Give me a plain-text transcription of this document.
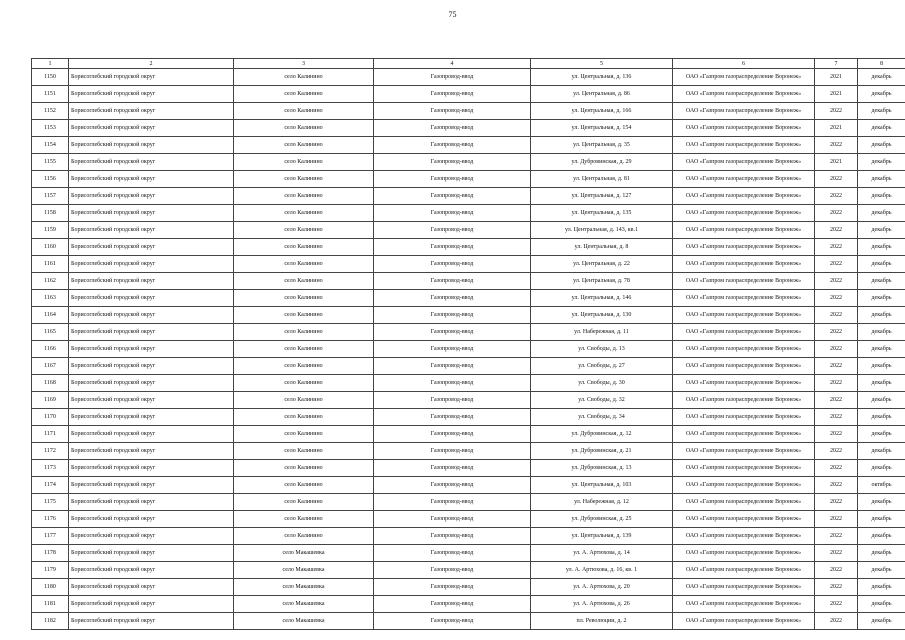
75
1	2	3	4	5	6	7	8
1150	Борисоглебский городской округ	село Калинино	Газопровод-ввод	ул. Центральная, д. 136	ОАО «Газпром газораспределение Воронеж»	2021	декабрь
1151	Борисоглебский городской округ	село Калинино	Газопровод-ввод	ул. Центральная, д. 86	ОАО «Газпром газораспределение Воронеж»	2021	декабрь
1152	Борисоглебский городской округ	село Калинино	Газопровод-ввод	ул. Центральная, д. 166	ОАО «Газпром газораспределение Воронеж»	2022	декабрь
1153	Борисоглебский городской округ	село Калинино	Газопровод-ввод	ул. Центральная, д. 154	ОАО «Газпром газораспределение Воронеж»	2021	декабрь
1154	Борисоглебский городской округ	село Калинино	Газопровод-ввод	ул. Центральная, д. 35	ОАО «Газпром газораспределение Воронеж»	2022	декабрь
1155	Борисоглебский городской округ	село Калинино	Газопровод-ввод	ул. Дубровинская, д. 29	ОАО «Газпром газораспределение Воронеж»	2021	декабрь
1156	Борисоглебский городской округ	село Калинино	Газопровод-ввод	ул. Центральная, д. 81	ОАО «Газпром газораспределение Воронеж»	2022	декабрь
1157	Борисоглебский городской округ	село Калинино	Газопровод-ввод	ул. Центральная, д. 127	ОАО «Газпром газораспределение Воронеж»	2022	декабрь
1158	Борисоглебский городской округ	село Калинино	Газопровод-ввод	ул. Центральная, д. 135	ОАО «Газпром газораспределение Воронеж»	2022	декабрь
1159	Борисоглебский городской округ	село Калинино	Газопровод-ввод	ул. Центральная, д. 143, кв.1	ОАО «Газпром газораспределение Воронеж»	2022	декабрь
1160	Борисоглебский городской округ	село Калинино	Газопровод-ввод	ул. Центральная, д. 8	ОАО «Газпром газораспределение Воронеж»	2022	декабрь
1161	Борисоглебский городской округ	село Калинино	Газопровод-ввод	ул. Центральная, д. 22	ОАО «Газпром газораспределение Воронеж»	2022	декабрь
1162	Борисоглебский городской округ	село Калинино	Газопровод-ввод	ул. Центральная, д. 78	ОАО «Газпром газораспределение Воронеж»	2022	декабрь
1163	Борисоглебский городской округ	село Калинино	Газопровод-ввод	ул. Центральная, д. 146	ОАО «Газпром газораспределение Воронеж»	2022	декабрь
1164	Борисоглебский городской округ	село Калинино	Газопровод-ввод	ул. Центральная, д. 130	ОАО «Газпром газораспределение Воронеж»	2022	декабрь
1165	Борисоглебский городской округ	село Калинино	Газопровод-ввод	ул. Набережная, д. 11	ОАО «Газпром газораспределение Воронеж»	2022	декабрь
1166	Борисоглебский городской округ	село Калинино	Газопровод-ввод	ул. Свободы, д. 13	ОАО «Газпром газораспределение Воронеж»	2022	декабрь
1167	Борисоглебский городской округ	село Калинино	Газопровод-ввод	ул. Свободы, д. 27	ОАО «Газпром газораспределение Воронеж»	2022	декабрь
1168	Борисоглебский городской округ	село Калинино	Газопровод-ввод	ул. Свободы, д. 30	ОАО «Газпром газораспределение Воронеж»	2022	декабрь
1169	Борисоглебский городской округ	село Калинино	Газопровод-ввод	ул. Свободы, д. 32	ОАО «Газпром газораспределение Воронеж»	2022	декабрь
1170	Борисоглебский городской округ	село Калинино	Газопровод-ввод	ул. Свободы, д. 34	ОАО «Газпром газораспределение Воронеж»	2022	декабрь
1171	Борисоглебский городской округ	село Калинино	Газопровод-ввод	ул. Дубровинская, д. 12	ОАО «Газпром газораспределение Воронеж»	2022	декабрь
1172	Борисоглебский городской округ	село Калинино	Газопровод-ввод	ул. Дубровинская, д. 21	ОАО «Газпром газораспределение Воронеж»	2022	декабрь
1173	Борисоглебский городской округ	село Калинино	Газопровод-ввод	ул. Дубровинская, д. 13	ОАО «Газпром газораспределение Воронеж»	2022	декабрь
1174	Борисоглебский городской округ	село Калинино	Газопровод-ввод	ул. Центральная, д. 103	ОАО «Газпром газораспределение Воронеж»	2022	октябрь
1175	Борисоглебский городской округ	село Калинино	Газопровод-ввод	ул. Набережная, д. 12	ОАО «Газпром газораспределение Воронеж»	2022	декабрь
1176	Борисоглебский городской округ	село Калинино	Газопровод-ввод	ул. Дубровинская, д. 25	ОАО «Газпром газораспределение Воронеж»	2022	декабрь
1177	Борисоглебский городской округ	село Калинино	Газопровод-ввод	ул. Центральная, д. 139	ОАО «Газпром газораспределение Воронеж»	2022	декабрь
1178	Борисоглебский городской округ	село Макашевка	Газопровод-ввод	ул. А. Артюхова, д. 14	ОАО «Газпром газораспределение Воронеж»	2022	декабрь
1179	Борисоглебский городской округ	село Макашевка	Газопровод-ввод	ул. А. Артюхова, д. 16, кв. 1	ОАО «Газпром газораспределение Воронеж»	2022	декабрь
1180	Борисоглебский городской округ	село Макашевка	Газопровод-ввод	ул. А. Артюхова, д. 20	ОАО «Газпром газораспределение Воронеж»	2022	декабрь
1181	Борисоглебский городской округ	село Макашевка	Газопровод-ввод	ул. А. Артюхова, д. 26	ОАО «Газпром газораспределение Воронеж»	2022	декабрь
1182	Борисоглебский городской округ	село Макашевка	Газопровод-ввод	пл. Революции, д. 2	ОАО «Газпром газораспределение Воронеж»	2022	декабрь
